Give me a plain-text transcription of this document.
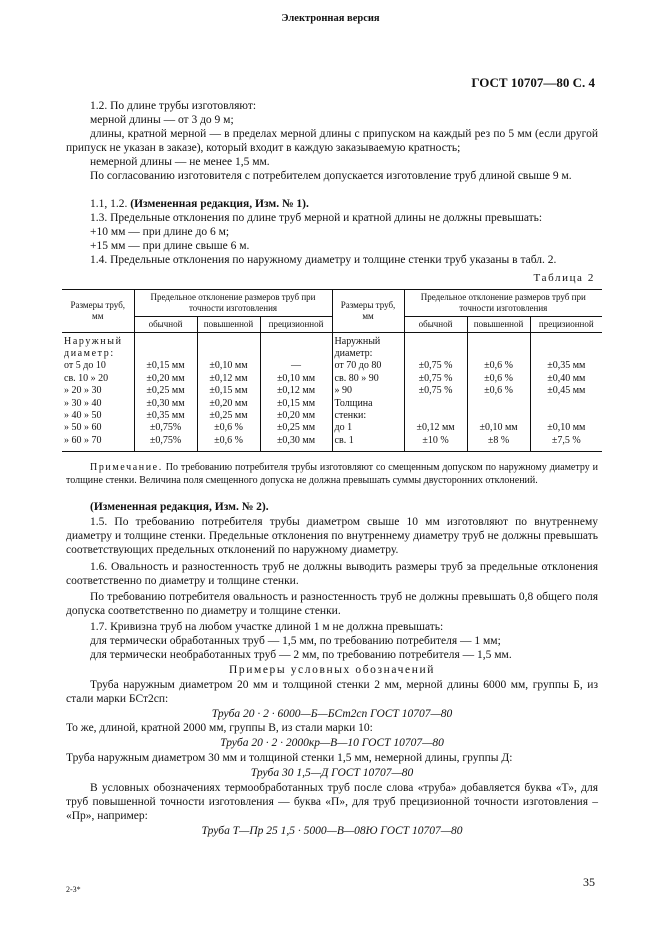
Электронная версия
ГОСТ 10707—80 С. 4
1.2. По длине трубы изготовляют:
мерной длины — от 3 до 9 м;
длины, кратной мерной — в пределах мерной длины с припуском на каждый рез по 5 мм (если другой припуск не указан в заказе), который входит в каждую заказываемую кратность;
немерной длины — не менее 1,5 мм.
По согласованию изготовителя с потребителем допускается изготовление труб длиной свыше 9 м.
1.1, 1.2. (Измененная редакция, Изм. № 1).
1.3. Предельные отклонения по длине труб мерной и кратной длины не должны превышать:
+10 мм — при длине до 6 м;
+15 мм — при длине свыше 6 м.
1.4. Предельные отклонения по наружному диаметру и толщине стенки труб указаны в табл. 2.
Таблица 2
Размеры труб, мм	Предельное отклонение размеров труб при точности изготовления			Размеры труб, мм	Предельное отклонение размеров труб при точности изготовления		
	обычной	повышенной	прецизионной		обычной	повышенной	прецизионной
Наружный				Наружный			
диаметр:				диаметр:			
от 5 до 10	±0,15 мм	±0,10 мм	—	от 70 до 80	±0,75 %	±0,6 %	±0,35 мм
св. 10 » 20	±0,20 мм	±0,12 мм	±0,10 мм	св. 80 » 90	±0,75 %	±0,6 %	±0,40 мм
» 20 » 30	±0,25 мм	±0,15 мм	±0,12 мм	» 90	±0,75 %	±0,6 %	±0,45 мм
» 30 » 40	±0,30 мм	±0,20 мм	±0,15 мм	Толщина			
» 40 » 50	±0,35 мм	±0,25 мм	±0,20 мм	стенки:			
» 50 » 60	±0,75%	±0,6 %	±0,25 мм	до 1	±0,12 мм	±0,10 мм	±0,10 мм
» 60 » 70	±0,75%	±0,6 %	±0,30 мм	св. 1	±10 %	±8 %	±7,5 %
Примечание. По требованию потребителя трубы изготовляют со смещенным допуском по наружному диаметру и толщине стенки. Величина поля смещенного допуска не должна превышать суммы двусторонних отклонений.
(Измененная редакция, Изм. № 2).
1.5. По требованию потребителя трубы диаметром свыше 10 мм изготовляют по внутреннему диаметру и толщине стенки. Предельные отклонения по внутреннему диаметру труб не должны превышать соответствующих предельных отклонений по наружному диаметру.
1.6. Овальность и разностенность труб не должны выводить размеры труб за предельные отклонения соответственно по диаметру и толщине стенки.
По требованию потребителя овальность и разностенность труб не должны превышать 0,8 общего поля допуска соответственно по диаметру и толщине стенки.
1.7. Кривизна труб на любом участке длиной 1 м не должна превышать:
для термически обработанных труб — 1,5 мм, по требованию потребителя — 1 мм;
для термически необработанных труб — 2 мм, по требованию потребителя — 1,5 мм.
Примеры условных обозначений
Труба наружным диаметром 20 мм и толщиной стенки 2 мм, мерной длины 6000 мм, группы Б, из стали марки БСт2сп:
Труба 20 · 2 · 6000—Б—БСт2сп ГОСТ 10707—80
То же, длиной, кратной 2000 мм, группы В, из стали марки 10:
Труба 20 · 2 · 2000кр—В—10 ГОСТ 10707—80
Труба наружным диаметром 30 мм и толщиной стенки 1,5 мм, немерной длины, группы Д:
Труба 30 1,5—Д ГОСТ 10707—80
В условных обозначениях термообработанных труб после слова «труба» добавляется буква «Т», для труб повышенной точности изготовления — буква «П», для труб прецизионной точности изготовления – «Пр», например:
Труба Т—Пр 25 1,5 · 5000—В—08Ю ГОСТ 10707—80
2-3*
35
